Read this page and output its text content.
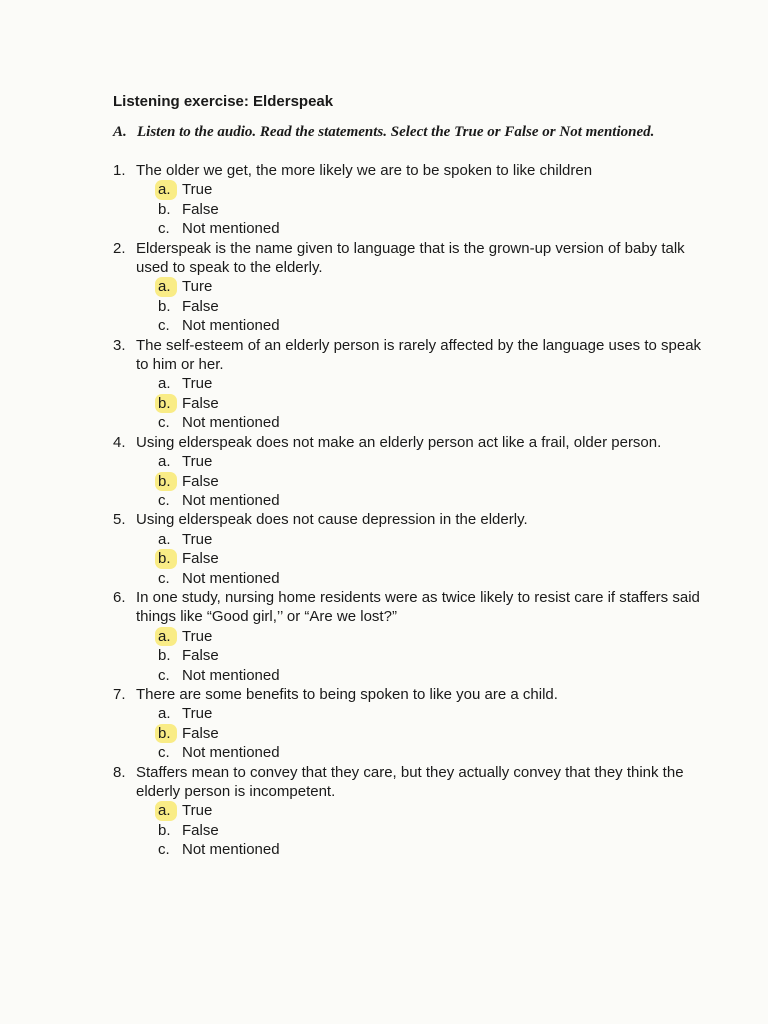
Listening exercise: Elderspeak

A. Listen to the audio. Read the statements. Select the True or False or Not mentioned.

1. The older we get, the more likely we are to be spoken to like children
a. True
b. False
c. Not mentioned
2. Elderspeak is the name given to language that is the grown-up version of baby talk used to speak to the elderly.
a. Ture
b. False
c. Not mentioned
3. The self-esteem of an elderly person is rarely affected by the language uses to speak to him or her.
a. True
b. False
c. Not mentioned
4. Using elderspeak does not make an elderly person act like a frail, older person.
a. True
b. False
c. Not mentioned
5. Using elderspeak does not cause depression in the elderly.
a. True
b. False
c. Not mentioned
6. In one study, nursing home residents were as twice likely to resist care if staffers said things like “Good girl,’’ or “Are we lost?”
a. True
b. False
c. Not mentioned
7. There are some benefits to being spoken to like you are a child.
a. True
b. False
c. Not mentioned
8. Staffers mean to convey that they care, but they actually convey that they think the elderly person is incompetent.
a. True
b. False
c. Not mentioned
